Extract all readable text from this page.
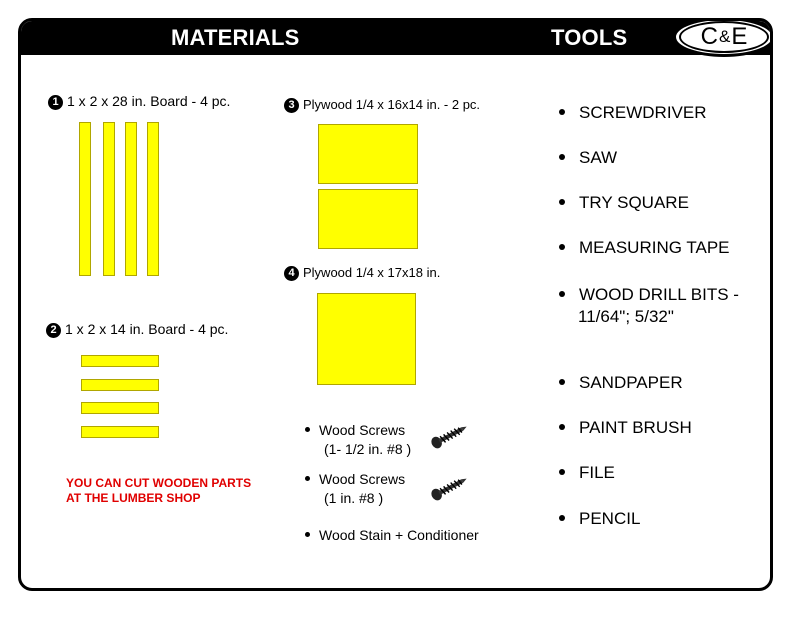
MATERIALS	TOOLS	C & E
1 1 x 2 x 28 in. Board - 4 pc.
2 1 x 2 x 14 in. Board - 4 pc.
YOU CAN CUT WOODEN PARTS
AT THE LUMBER SHOP
3 Plywood 1/4 x 16x14 in. - 2 pc.
4 Plywood 1/4 x 17x18 in.
Wood Screws
(1- 1/2 in. #8 )
Wood Screws
(1 in. #8 )
Wood Stain + Conditioner
SCREWDRIVER
SAW
TRY SQUARE
MEASURING TAPE
WOOD DRILL BITS -
11/64"; 5/32"
SANDPAPER
PAINT BRUSH
FILE
PENCIL
